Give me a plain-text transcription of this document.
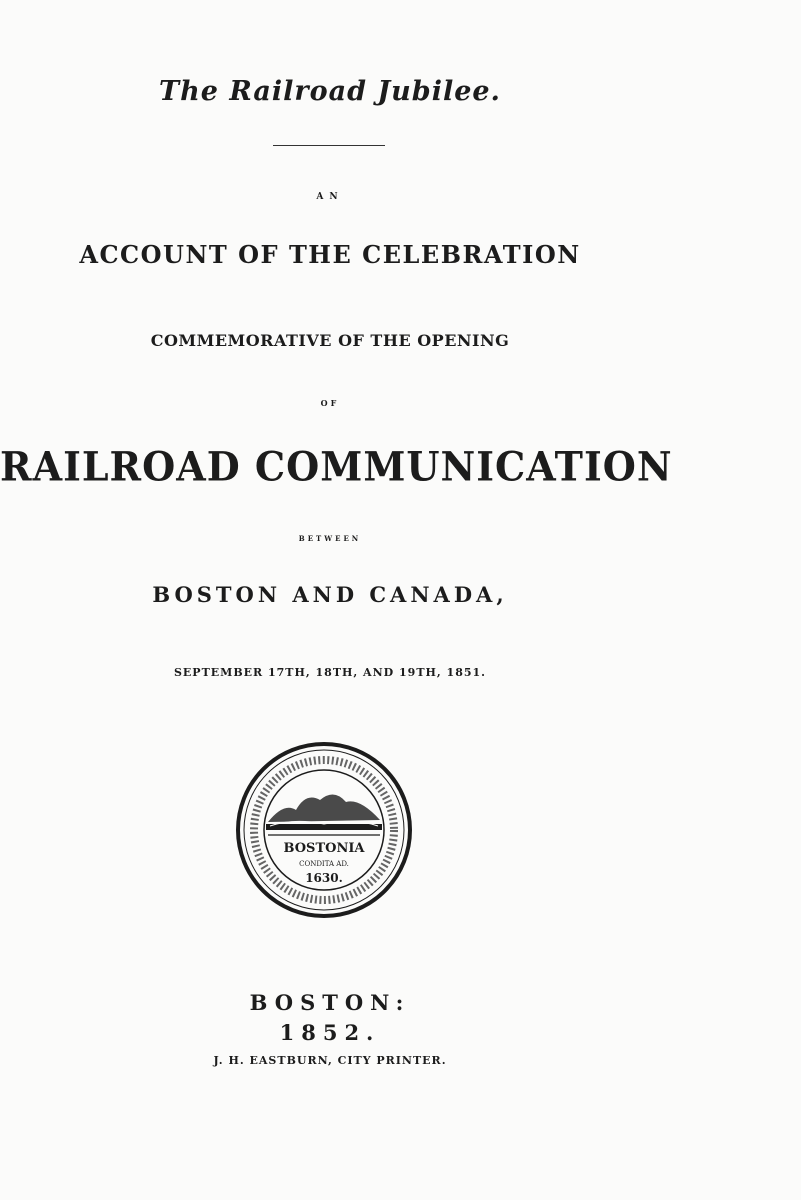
The Railroad Jubilee.
AN
ACCOUNT OF THE CELEBRATION
COMMEMORATIVE OF THE OPENING
OF
RAILROAD COMMUNICATION
BETWEEN
BOSTON AND CANADA,
SEPTEMBER 17TH, 18TH, AND 19TH, 1851.
BOSTONIA
CONDITA AD.
1630.
BOSTON:
1852.
J. H. EASTBURN, CITY PRINTER.
